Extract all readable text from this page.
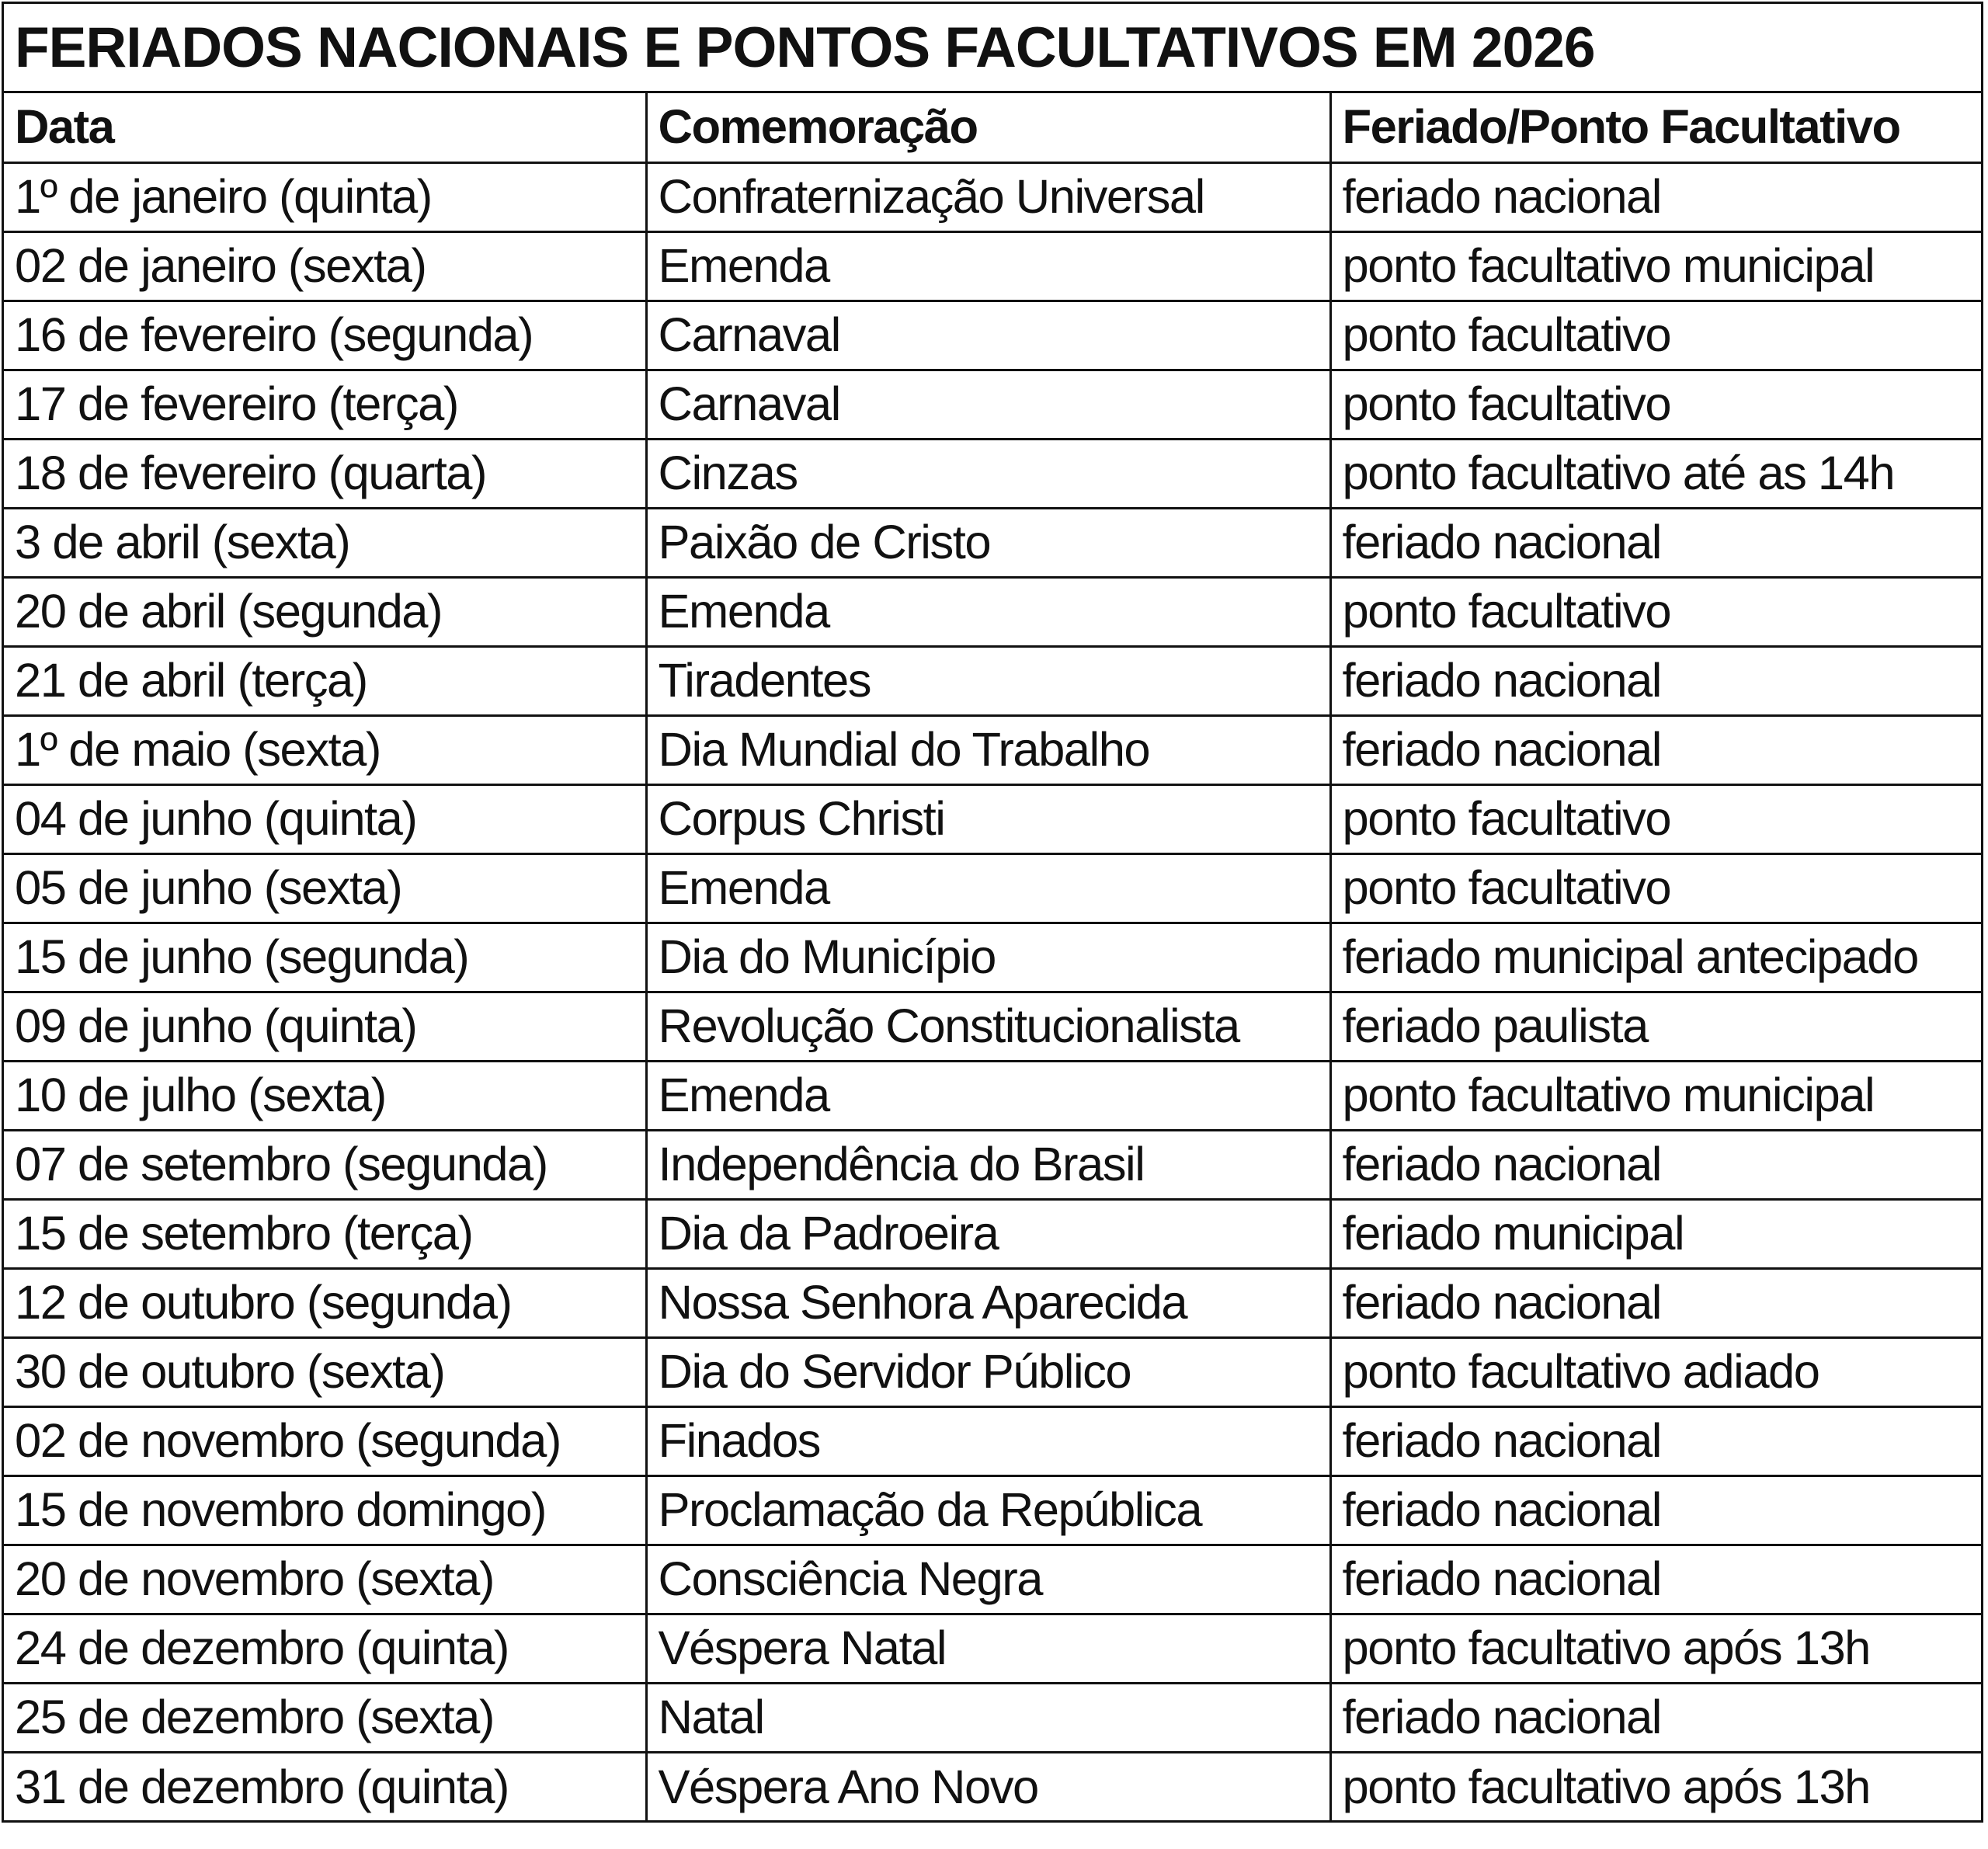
FERIADOS NACIONAIS E PONTOS FACULTATIVOS EM 2026
Data	Comemoração	Feriado/Ponto Facultativo
1º de janeiro (quinta)	Confraternização Universal	feriado nacional
02 de janeiro (sexta)	Emenda	ponto facultativo municipal
16 de fevereiro (segunda)	Carnaval	ponto facultativo
17 de fevereiro (terça)	Carnaval	ponto facultativo
18 de fevereiro (quarta)	Cinzas	ponto facultativo até as 14h
3 de abril (sexta)	Paixão de Cristo	feriado nacional
20 de abril (segunda)	Emenda	ponto facultativo
21 de abril (terça)	Tiradentes	feriado nacional
1º de maio (sexta)	Dia Mundial do Trabalho	feriado nacional
04 de junho (quinta)	Corpus Christi	ponto facultativo
05 de junho (sexta)	Emenda	ponto facultativo
15 de junho (segunda)	Dia do Município	feriado municipal antecipado
09 de junho (quinta)	Revolução Constitucionalista	feriado paulista
10 de julho (sexta)	Emenda	ponto facultativo municipal
07 de setembro (segunda)	Independência do Brasil	feriado nacional
15 de setembro (terça)	Dia da Padroeira	feriado municipal
12 de outubro (segunda)	Nossa Senhora Aparecida	feriado nacional
30 de outubro (sexta)	Dia do Servidor Público	ponto facultativo adiado
02 de novembro (segunda)	Finados	feriado nacional
15 de novembro domingo)	Proclamação da República	feriado nacional
20 de novembro (sexta)	Consciência Negra	feriado nacional
24 de dezembro (quinta)	Véspera Natal	ponto facultativo após 13h
25 de dezembro (sexta)	Natal	feriado nacional
31 de dezembro (quinta)	Véspera Ano Novo	ponto facultativo após 13h
